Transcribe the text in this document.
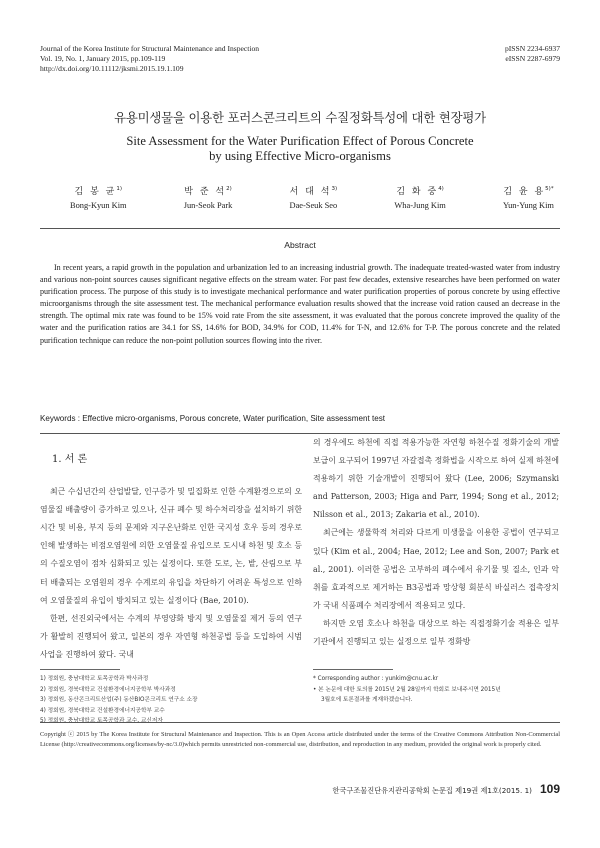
Journal of the Korea Institute for Structural Maintenance and Inspection
Vol. 19, No. 1, January 2015, pp.109-119
http://dx.doi.org/10.11112/jksmi.2015.19.1.109
pISSN 2234-6937
eISSN 2287-6979
유용미생물을 이용한 포러스콘크리트의 수질정화특성에 대한 현장평가
Site Assessment for the Water Purification Effect of Porous Concrete
by using Effective Micro-organisms
김 봉 균$^{1)}$
Bong-Kyun Kim
박 준 석$^{2)}$
Jun-Seok Park
서 대 석$^{3)}$
Dae-Seuk Seo
김 화 중$^{4)}$
Wha-Jung Kim
김 윤 용$^{5)*}$
Yun-Yung Kim
Abstract
In recent years, a rapid growth in the population and urbanization led to an increasing industrial growth. The inadequate treated-wasted water from industry and various non-point sources causes significant negative effects on the stream water. For past few decades, extensive researches have been performed on water purification process. The purpose of this study is to investigate mechanical performance and water purification properties of porous concrete by using effective microorganisms through the site assessment test. The mechanical performance evaluation results showed that the increase void ration caused an decrease in the strength. The optimal mix rate was found to be 15% void rate From the site assessment, it was evaluated that the porous concrete improved the quality of the water and the purification ratios are 34.1 for SS, 14.6% for BOD, 34.9% for COD, 11.4% for T-N, and 12.6% for T-P. The porous concrete and the related purification technique can reduce the non-point pollution sources flowing into the river.
Keywords : Effective micro-organisms, Porous concrete, Water purification, Site assessment test
1. 서 론
최근 수십년간의 산업발달, 인구증가 및 밀집화로 인한 수계환경으로의 오염물질 배출량이 증가하고 있으나, 신규 폐수 및 하수처리장을 설치하기 위한 시간 및 비용, 부지 등의 문제와 지구온난화로 인한 국지성 호우 등의 경우로 인해 발생하는 비점오염원에 의한 오염물질 유입으로 도시내 하천 및 호소 등의 수질오염이 점차 심화되고 있는 실정이다. 또한 도로, 논, 밭, 산림으로 부터 배출되는 오염원의 경우 수계로의 유입을 차단하기 어려운 특성으로 인하여 오염물질의 유입이 방치되고 있는 실정이다 (Bae, 2010).
한편, 선진외국에서는 수계의 부영양화 방지 및 오염물질 제거 등의 연구가 활발히 진행되어 왔고, 일본의 경우 자연형 하천공법 등을 도입하여 시범사업을 진행하여 왔다. 국내
의 경우에도 하천에 직접 적용가능한 자연형 하천수질 정화기술의 개발 보급이 요구되어 1997년 자갈접촉 정화법을 시작으로 하여 실제 하천에 적용하기 위한 기술개발이 진행되어 왔다 (Lee, 2006; Szymanski and Patterson, 2003; Higa and Parr, 1994; Song et al., 2012; Nilsson et al., 2013; Zakaria et al., 2010).
최근에는 생물학적 처리와 다르게 미생물을 이용한 공법이 연구되고 있다 (Kim et al., 2004; Hae, 2012; Lee and Son, 2007; Park et al., 2001). 이러한 공법은 고부하의 폐수에서 유기물 및 질소, 인과 악취를 효과적으로 제거하는 B3공법과 망상형 회분식 바실러스 접촉장치가 국내 식품폐수 처리장에서 적용되고 있다.
하지만 오염 호소나 하천을 대상으로 하는 직접정화기술 적용은 일부 기관에서 진행되고 있는 실정으로 일부 정화방
1) 정회원, 충남대학교 토목공학과 박사과정
2) 정회원, 경북대학교 건설환경에너지공학부 박사과정
3) 정회원, 동산콘크리트산업(주) 동산BIO콘크리트 연구소 소장
4) 정회원, 경북대학교 건설환경에너지공학부 교수
5) 정회원, 충남대학교 토목공학과 교수, 교신저자
* Corresponding author : yunkim@cnu.ac.kr
• 본 논문에 대한 토의를 2015년 2월 28일까지 학회로 보내주시면 2015년
3월호에 토론결과를 게재하겠습니다.
Copyright ⓒ 2015 by The Korea Institute for Structural Maintenance and Inspection. This is an Open Access article distributed under the terms of the Creative Commons Attribution Non-Commercial License (http://creativecommons.org/licenses/by-nc/3.0)which permits unrestricted non-commercial use, distribution, and reproduction in any medium, provided the original work is properly cited.
한국구조물진단유지관리공학회 논문집 제19권 제1호(2015. 1) 109
